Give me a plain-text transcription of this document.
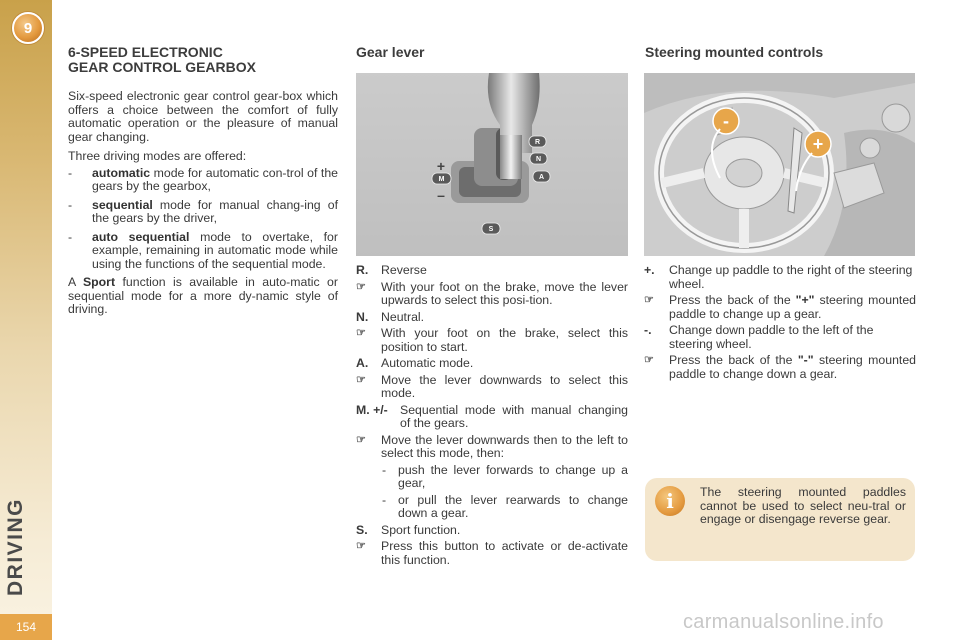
9
DRIVING
154
6-SPEED ELECTRONIC
GEAR CONTROL GEARBOX

Six-speed electronic gear control gear-box which offers a choice between the comfort of fully automatic operation or the pleasure of manual gear changing.

Three driving modes are offered:

-	automatic mode for automatic con-trol of the gears by the gearbox,
-	sequential mode for manual chang-ing of the gears by the driver,
-	auto sequential mode to overtake, for example, remaining in automatic mode while using the functions of the sequential mode.

A Sport function is available in auto-matic or sequential mode for a more dy-namic style of driving.

Gear lever
R
N
A
M
+
–
S
R.	Reverse
☞	With your foot on the brake, move the lever upwards to select this posi-tion.
N.	Neutral.
☞	With your foot on the brake, select this position to start.
A.	Automatic mode.
☞	Move the lever downwards to select this mode.
M. +/- Sequential mode with manual changing of the gears.
☞	Move the lever downwards then to the left to select this mode, then:
- push the lever forwards to change up a gear,
- or pull the lever rearwards to change down a gear.
S.	Sport function.
☞	Press this button to activate or de-activate this function.
Steering mounted controls
-
+
+.	Change up paddle to the right of the steering wheel.
☞	Press the back of the "+" steering mounted paddle to change up a gear.
-.	Change down paddle to the left of the steering wheel.
☞	Press the back of the "-" steering mounted paddle to change down a gear.
i	The steering mounted paddles cannot be used to select neu-tral or engage or disengage reverse gear.
carmanualsonline.info
